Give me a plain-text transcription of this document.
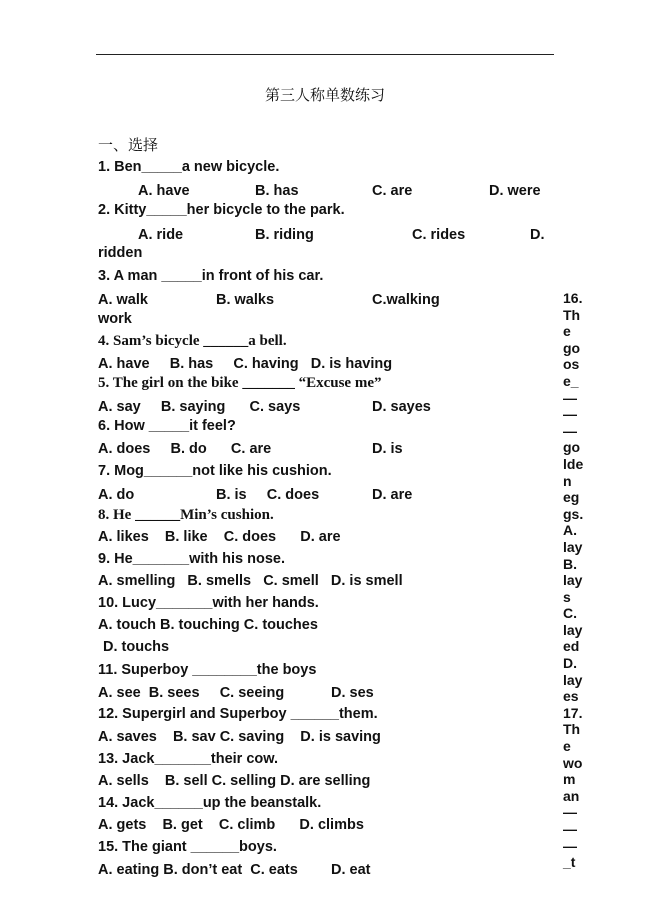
第三人称单数练习
一、选择
1. Ben_____a new bicycle.
A. have	B. has	C. are	D. were
2. Kitty_____her bicycle to the park.
A. ride	B. riding	C. rides	D.
ridden
3. A man _____in front of his car.
A. walk	B. walks	C.walking
work
4. Sam’s bicycle ______a bell.
A. have     B. has     C. having   D. is having
5. The girl on the bike _______ “Excuse me”
A. say     B. saying      C. says	D. sayes
6. How _____it feel?
A. does     B. do      C. are	D. is
7. Mog______not like his cushion.
A. do	B. is     C. does	D. are
8. He ______Min’s cushion.
A. likes    B. like    C. does      D. are
9. He_______with his nose.
A. smelling   B. smells   C. smell   D. is smell
10. Lucy_______with her hands.
A. touch B. touching C. touches
D. touchs
11. Superboy ________the boys
A. see  B. sees     C. seeing	D. ses
12. Supergirl and Superboy ______them.
A. saves    B. sav C. saving    D. is saving
13. Jack_______their cow.
A. sells    B. sell C. selling D. are selling
14. Jack______up the beanstalk.
A. gets    B. get    C. climb      D. climbs
15. The giant ______boys.
A. eating B. don’t eat  C. eats D. eat
16.
Th
e
go
os
e_
—
—
—
go
lde
n
eg
gs.
A.
lay
B.
lay
s
C.
lay
ed
D.
lay
es
17.
Th
e
wo
m
an
—
—
—
_t
